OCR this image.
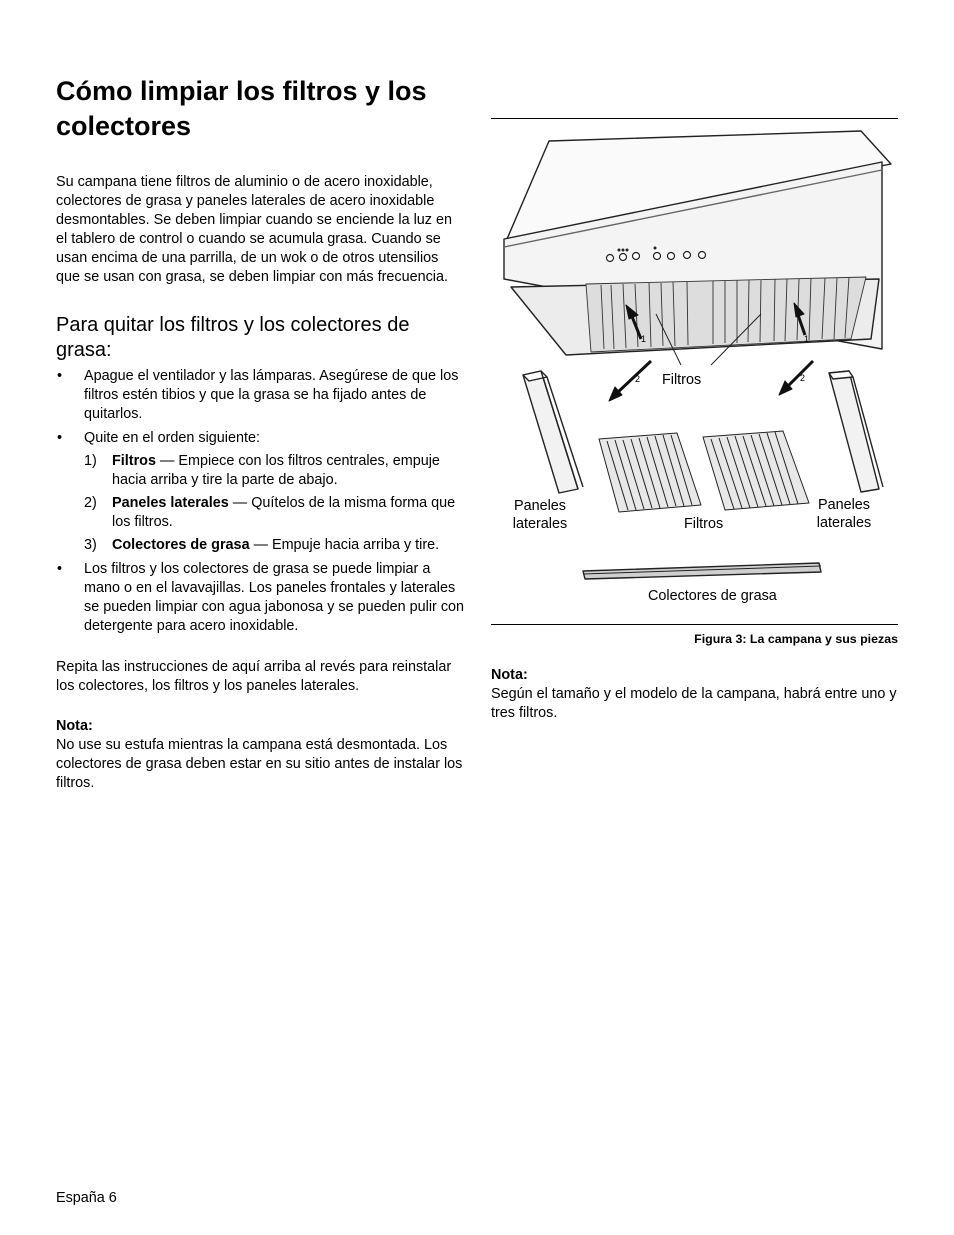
Cómo limpiar los filtros y los colectores

Su campana tiene filtros de aluminio o de acero inoxidable, colectores de grasa y paneles laterales de acero inoxidable desmontables. Se deben limpiar cuando se enciende la luz en el tablero de control o cuando se acumula grasa. Cuando se usan encima de una parrilla, de un wok o de otros utensilios que se usan con grasa, se deben limpiar con más frecuencia.

Para quitar los filtros y los colectores de grasa:
• Apague el ventilador y las lámparas. Asegúrese de que los filtros estén tibios y que la grasa se ha fijado antes de quitarlos.
• Quite en el orden siguiente:
1) Filtros — Empiece con los filtros centrales, empuje hacia arriba y tire la parte de abajo.
2) Paneles laterales — Quítelos de la misma forma que los filtros.
3) Colectores de grasa — Empuje hacia arriba y tire.
• Los filtros y los colectores de grasa se puede limpiar a mano o en el lavavajillas. Los paneles frontales y laterales se pueden limpiar con agua jabonosa y se pueden pulir con detergente para acero inoxidable.

Repita las instrucciones de aquí arriba al revés para reinstalar los colectores, los filtros y los paneles laterales.

Nota:

No use su estufa mientras la campana está desmontada. Los colectores de grasa deben estar en su sitio antes de instalar los filtros.

1
2
1
2
Filtros
Paneles laterales	Filtros
Paneles laterales
Colectores de grasa

Figura 3: La campana y sus piezas

Nota:

Según el tamaño y el modelo de la campana, habrá entre uno y tres filtros.

España 6
